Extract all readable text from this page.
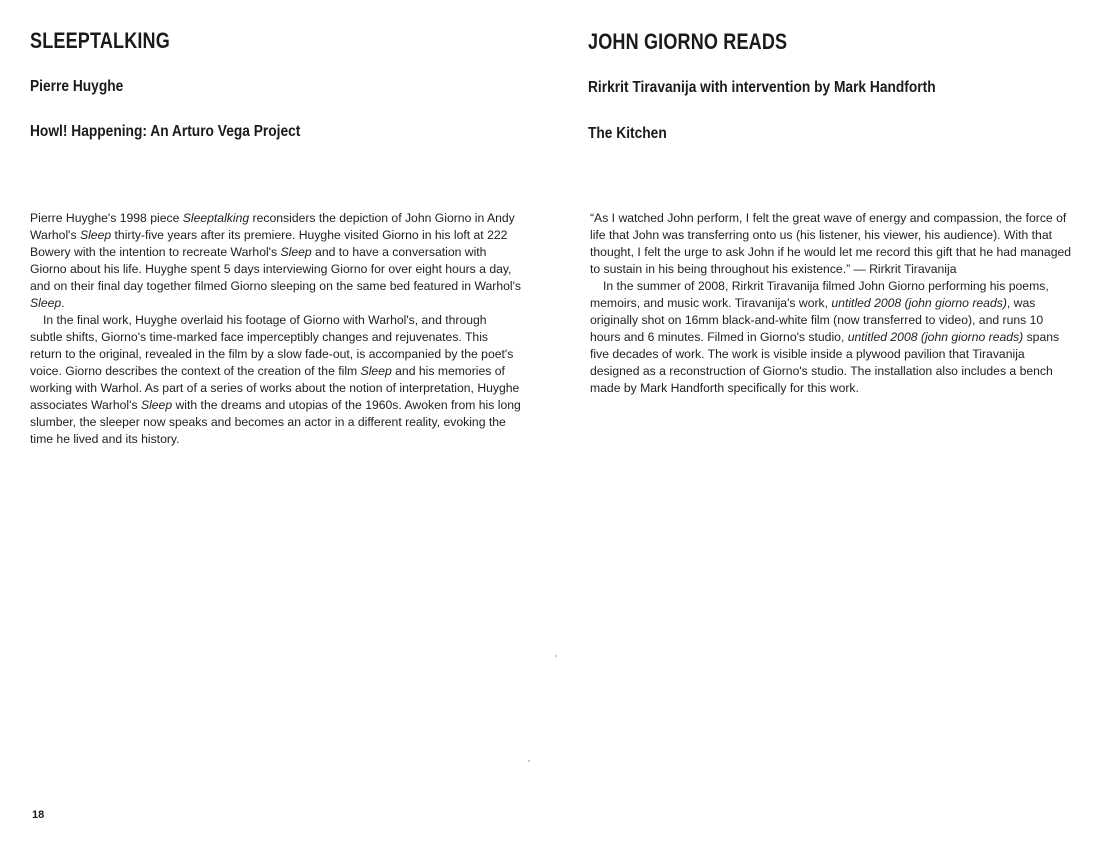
SLEEPTALKING
Pierre Huyghe
Howl! Happening: An Arturo Vega Project

Pierre Huyghe's 1998 piece Sleeptalking reconsiders the depiction of John Giorno in Andy Warhol's Sleep thirty-five years after its premiere. Huyghe visited Giorno in his loft at 222 Bowery with the intention to recreate Warhol's Sleep and to have a conversation with Giorno about his life. Huyghe spent 5 days interviewing Giorno for over eight hours a day, and on their final day together filmed Giorno sleeping on the same bed featured in Warhol's Sleep.

In the final work, Huyghe overlaid his footage of Giorno with Warhol's, and through subtle shifts, Giorno's time-marked face imperceptibly changes and rejuvenates. This return to the original, revealed in the film by a slow fade-out, is accompanied by the poet's voice. Giorno describes the context of the creation of the film Sleep and his memories of working with Warhol. As part of a series of works about the notion of interpretation, Huyghe associates Warhol's Sleep with the dreams and utopias of the 1960s. Awoken from his long slumber, the sleeper now speaks and becomes an actor in a different reality, evoking the time he lived and its history.

18
JOHN GIORNO READS
Rirkrit Tiravanija with intervention by Mark Handforth
The Kitchen

“As I watched John perform, I felt the great wave of energy and compassion, the force of life that John was transferring onto us (his listener, his viewer, his audience). With that thought, I felt the urge to ask John if he would let me record this gift that he had managed to sustain in his being throughout his existence.” — Rirkrit Tiravanija

In the summer of 2008, Rirkrit Tiravanija filmed John Giorno performing his poems, memoirs, and music work. Tiravanija's work, untitled 2008 (john giorno reads), was originally shot on 16mm black-and-white film (now transferred to video), and runs 10 hours and 6 minutes. Filmed in Giorno's studio, untitled 2008 (john giorno reads) spans five decades of work. The work is visible inside a plywood pavilion that Tiravanija designed as a reconstruction of Giorno's studio. The installation also includes a bench made by Mark Handforth specifically for this work.
